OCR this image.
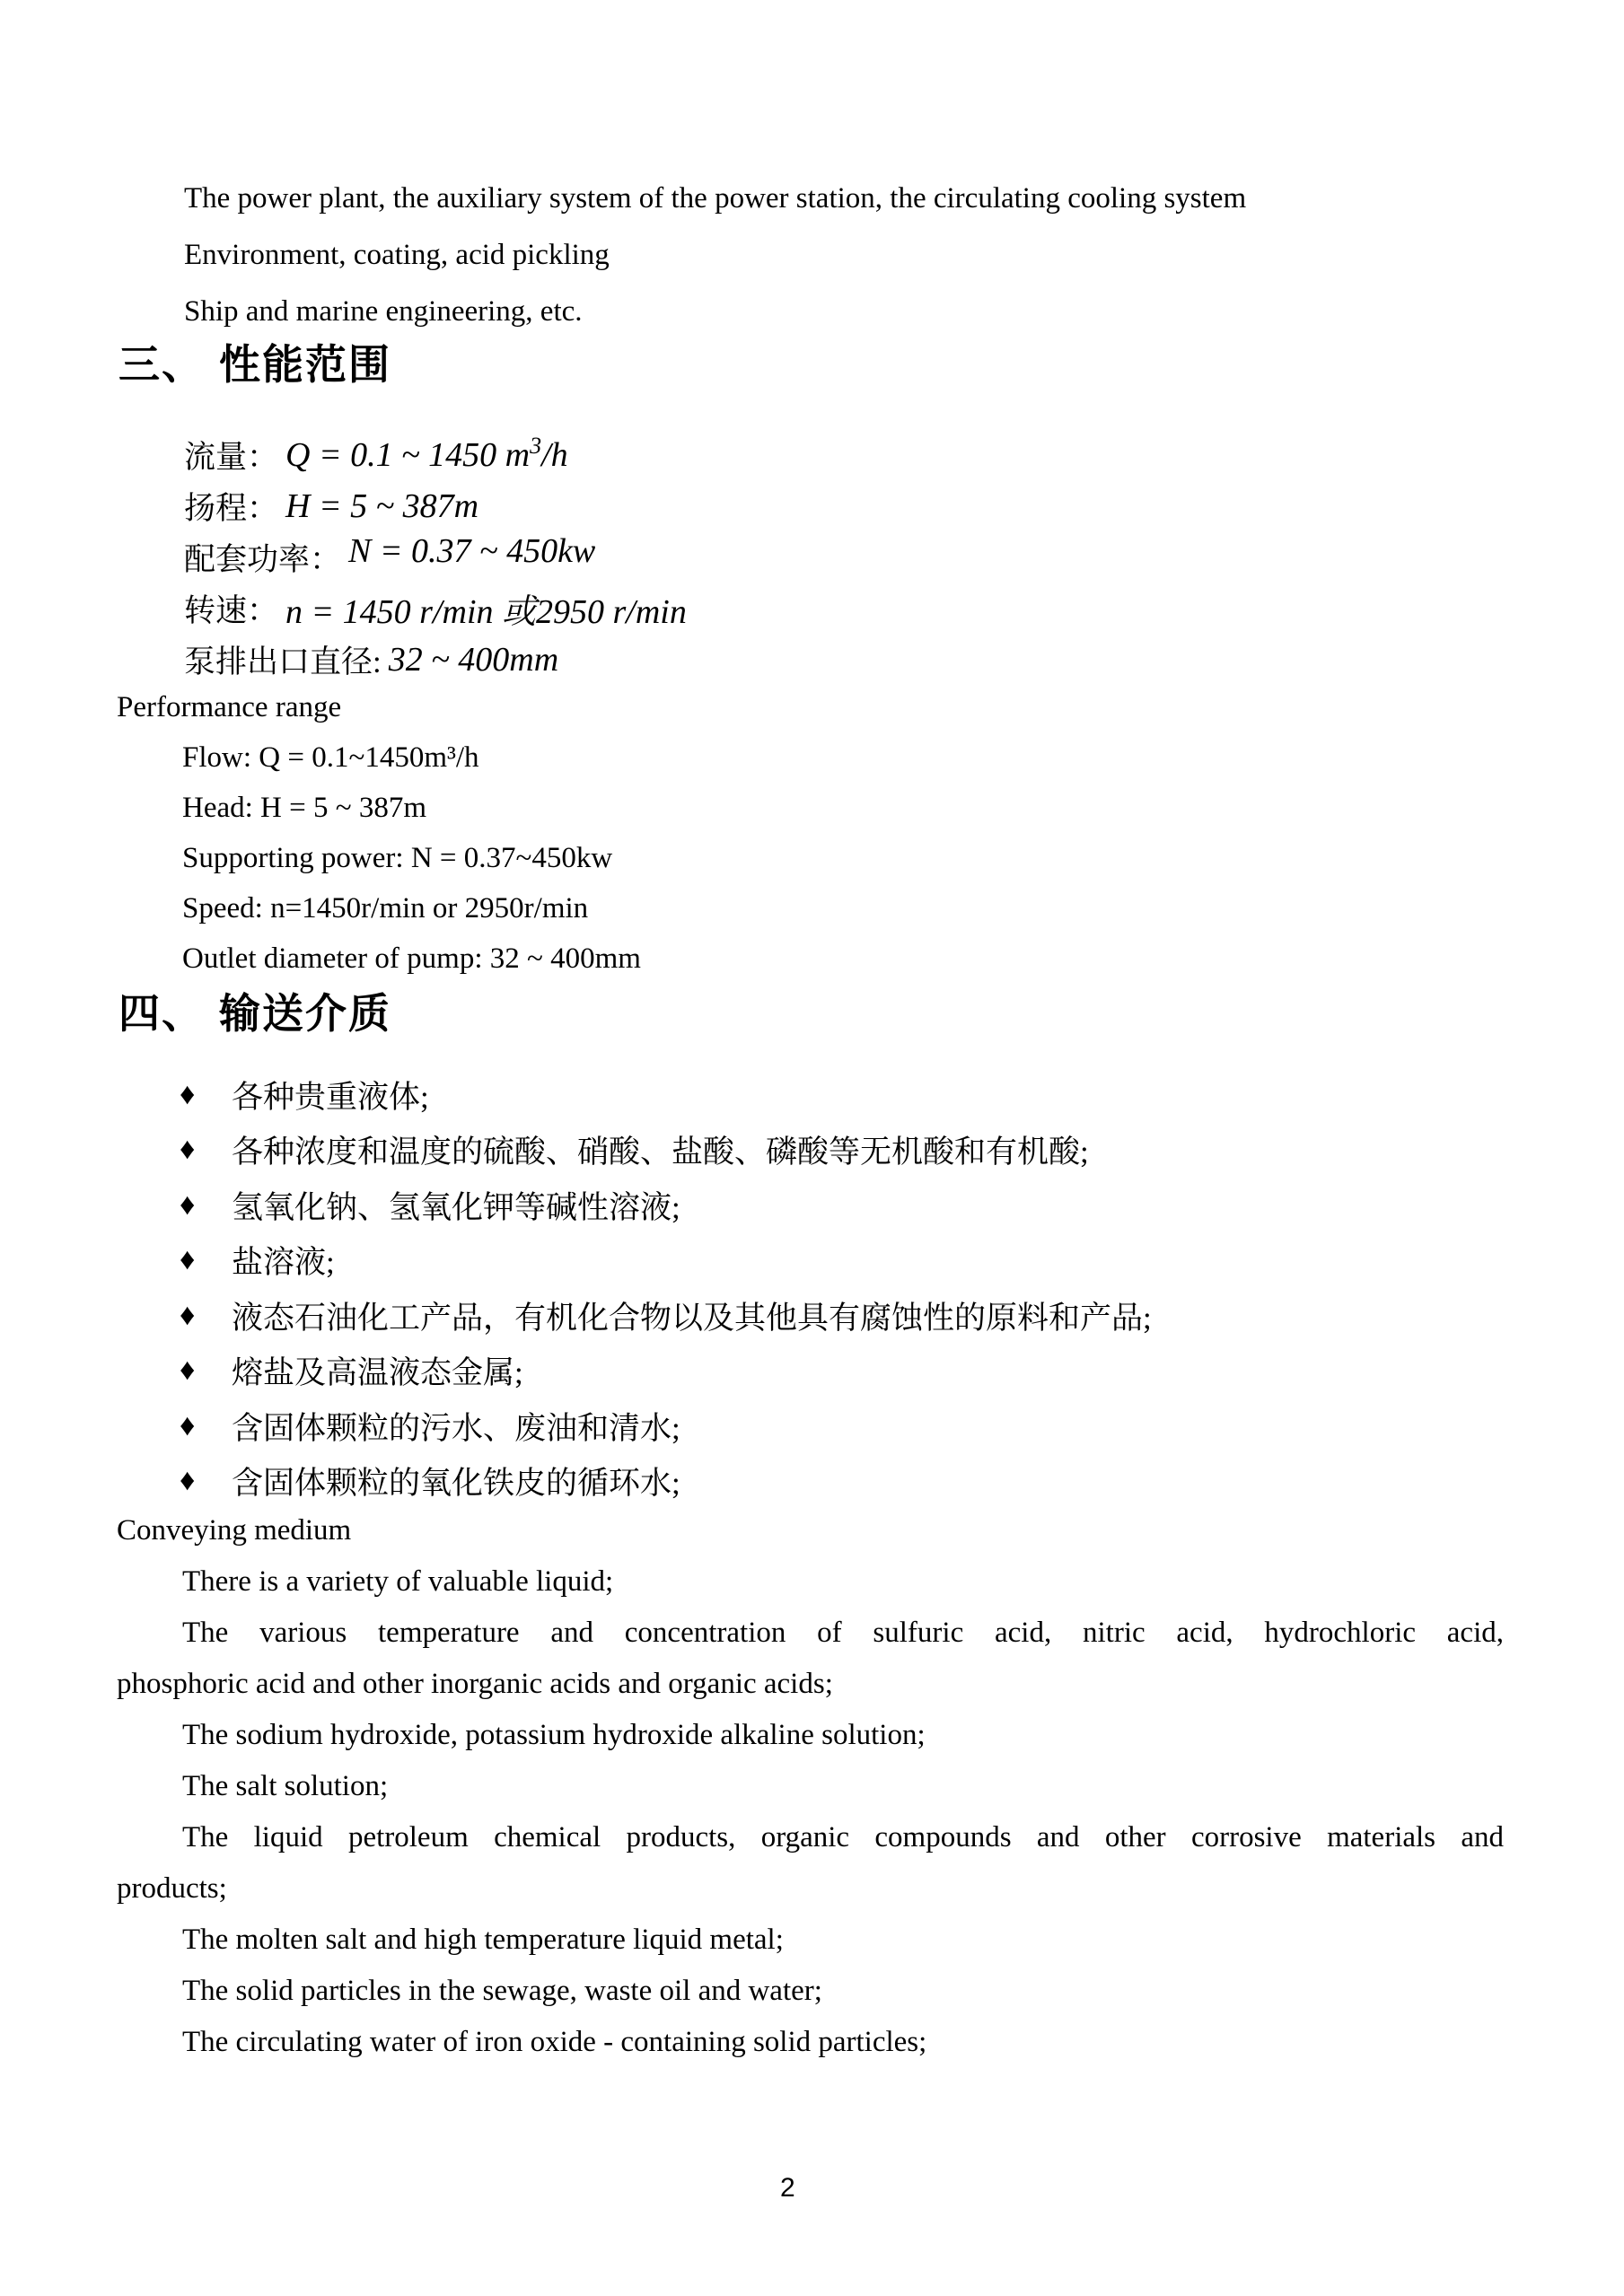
The power plant, the auxiliary system of the power station, the circulating cooling system
Environment, coating, acid pickling
Ship and marine engineering, etc.
三、 性能范围
流量： Q = 0.1 ~ 1450 $m^3/h$
扬程： H = 5 ~ 387m
配套功率： N = 0.37 ~ 450kw
转速： n = 1450 r/min 或2950 r/min
泵排出口直径: 32 ~ 400mm
Performance range
Flow: Q = 0.1~1450m³/h
Head: H = 5 ~ 387m
Supporting power: N = 0.37~450kw
Speed: n=1450r/min or 2950r/min
Outlet diameter of pump: 32 ~ 400mm
四、 输送介质
♦	各种贵重液体;
♦	各种浓度和温度的硫酸、硝酸、盐酸、磷酸等无机酸和有机酸;
♦	氢氧化钠、氢氧化钾等碱性溶液;
♦	盐溶液;
♦	液态石油化工产品，有机化合物以及其他具有腐蚀性的原料和产品;
♦	熔盐及高温液态金属;
♦	含固体颗粒的污水、废油和清水;
♦	含固体颗粒的氧化铁皮的循环水;
Conveying medium
There is a variety of valuable liquid;
The various temperature and concentration of sulfuric acid, nitric acid, hydrochloric acid,
phosphoric acid and other inorganic acids and organic acids;
The sodium hydroxide, potassium hydroxide alkaline solution;
The salt solution;
The liquid petroleum chemical products, organic compounds and other corrosive materials and
products;
The molten salt and high temperature liquid metal;
The solid particles in the sewage, waste oil and water;
The circulating water of iron oxide - containing solid particles;
2
